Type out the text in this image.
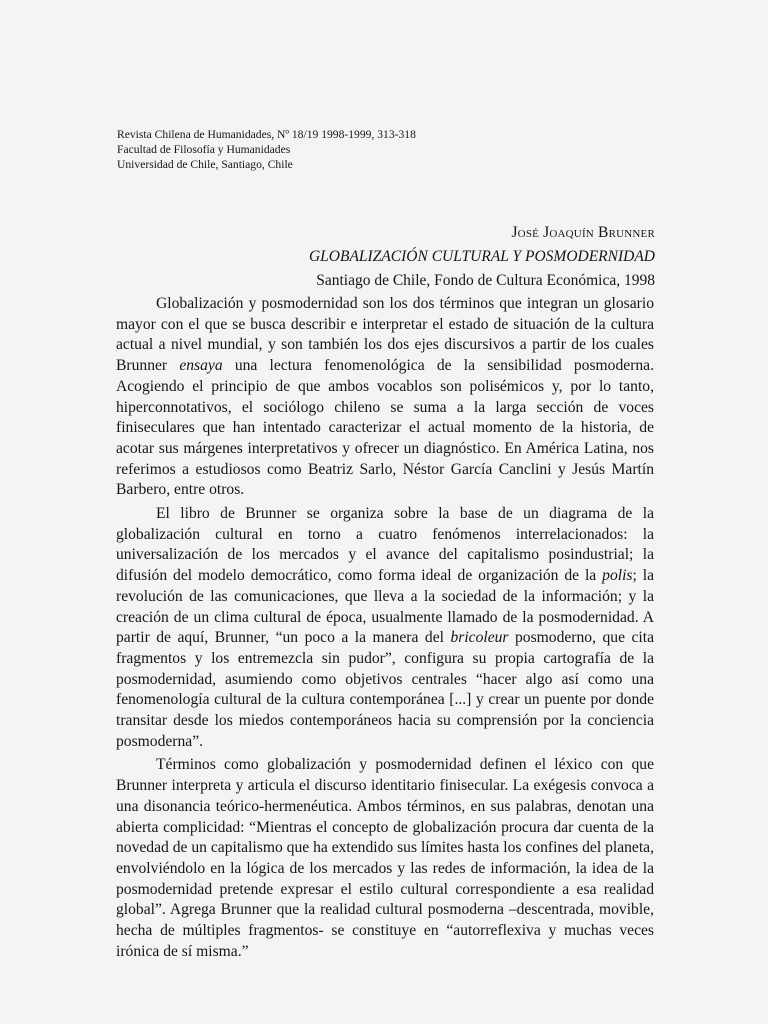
Revista Chilena de Humanidades, Nº 18/19 1998-1999, 313-318
Facultad de Filosofía y Humanidades
Universidad de Chile, Santiago, Chile
José Joaquín Brunner
GLOBALIZACIÓN CULTURAL Y POSMODERNIDAD
Santiago de Chile, Fondo de Cultura Económica, 1998

Globalización y posmodernidad son los dos términos que integran un glosario mayor con el que se busca describir e interpretar el estado de situación de la cultura actual a nivel mundial, y son también los dos ejes discursivos a partir de los cuales Brunner ensaya una lectura fenomenológica de la sensibilidad posmoderna. Acogiendo el principio de que ambos vocablos son polisémicos y, por lo tanto, hiperconnotativos, el sociólogo chileno se suma a la larga sección de voces finiseculares que han intentado caracterizar el actual momento de la historia, de acotar sus márgenes interpretativos y ofrecer un diagnóstico. En América Latina, nos referimos a estudiosos como Beatriz Sarlo, Néstor García Canclini y Jesús Martín Barbero, entre otros.

El libro de Brunner se organiza sobre la base de un diagrama de la globalización cultural en torno a cuatro fenómenos interrelacionados: la universalización de los mercados y el avance del capitalismo posindustrial; la difusión del modelo democrático, como forma ideal de organización de la polis; la revolución de las comunicaciones, que lleva a la sociedad de la información; y la creación de un clima cultural de época, usualmente llamado de la posmodernidad. A partir de aquí, Brunner, “un poco a la manera del bricoleur posmoderno, que cita fragmentos y los entremezcla sin pudor”, configura su propia cartografía de la posmodernidad, asumiendo como objetivos centrales “hacer algo así como una fenomenología cultural de la cultura contemporánea [...] y crear un puente por donde transitar desde los miedos contemporáneos hacia su comprensión por la conciencia posmoderna”.

Términos como globalización y posmodernidad definen el léxico con que Brunner interpreta y articula el discurso identitario finisecular. La exégesis convoca a una disonancia teórico-hermenéutica. Ambos términos, en sus palabras, denotan una abierta complicidad: “Mientras el concepto de globalización procura dar cuenta de la novedad de un capitalismo que ha extendido sus límites hasta los confines del planeta, envolviéndolo en la lógica de los mercados y las redes de información, la idea de la posmodernidad pretende expresar el estilo cultural correspondiente a esa realidad global”. Agrega Brunner que la realidad cultural posmoderna –descentrada, movible, hecha de múltiples fragmentos- se constituye en “autorreflexiva y muchas veces irónica de sí misma.”
